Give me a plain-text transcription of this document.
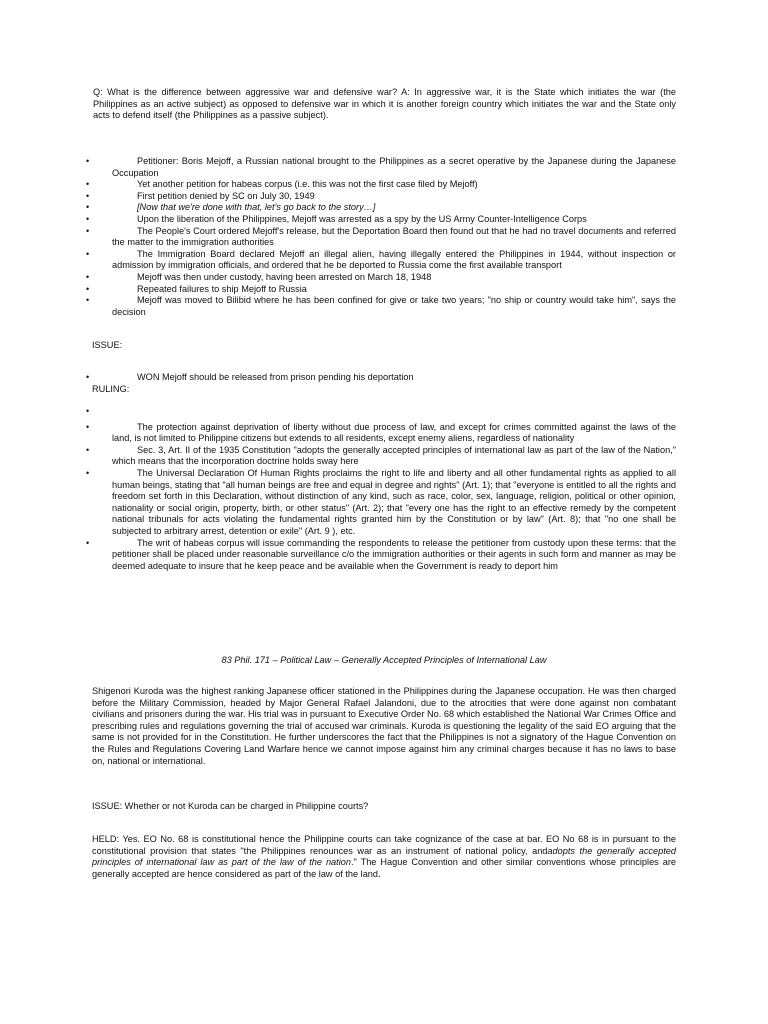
Q: What is the difference between aggressive war and defensive war? A: In aggressive war, it is the State which initiates the war (the Philippines as an active subject) as opposed to defensive war in which it is another foreign country which initiates the war and the State only acts to defend itself (the Philippines as a passive subject).
•	Petitioner: Boris Mejoff, a Russian national brought to the Philippines as a secret operative by the Japanese during the Japanese Occupation
•	Yet another petition for habeas corpus (i.e. this was not the first case filed by Mejoff)
•	First petition denied by SC on July 30, 1949
•	[Now that we're done with that, let's go back to the story…]
•	Upon the liberation of the Philippines, Mejoff was arrested as a spy by the US Army Counter-Intelligence Corps
•	The People's Court ordered Mejoff's release, but the Deportation Board then found out that he had no travel documents and referred the matter to the immigration authorities
•	The Immigration Board declared Mejoff an illegal alien, having illegally entered the Philippines in 1944, without inspection or admission by immigration officials, and ordered that he be deported to Russia come the first available transport
•	Mejoff was then under custody, having been arrested on March 18, 1948
•	Repeated failures to ship Mejoff to Russia
•	Mejoff was moved to Bilibid where he has been confined for give or take two years; "no ship or country would take him", says the decision
ISSUE:
•	WON Mejoff should be released from prison pending his deportation
RULING:
•
•	The protection against deprivation of liberty without due process of law, and except for crimes committed against the laws of the land, is not limited to Philippine citizens but extends to all residents, except enemy aliens, regardless of nationality
•	Sec. 3, Art. II of the 1935 Constitution "adopts the generally accepted principles of international law as part of the law of the Nation," which means that the incorporation doctrine holds sway here
•	The Universal Declaration Of Human Rights proclaims the right to life and liberty and all other fundamental rights as applied to all human beings, stating that "all human beings are free and equal in degree and rights" (Art. 1); that "everyone is entitled to all the rights and freedom set forth in this Declaration, without distinction of any kind, such as race, color, sex, language, religion, political or other opinion, nationality or social origin, property, birth, or other status" (Art. 2); that "every one has the right to an effective remedy by the competent national tribunals for acts violating the fundamental rights granted him by the Constitution or by law" (Art. 8); that "no one shall be subjected to arbitrary arrest, detention or exile" (Art. 9 ), etc.
•	The writ of habeas corpus will issue commanding the respondents to release the petitioner from custody upon these terms: that the petitioner shall be placed under reasonable surveillance c/o the immigration authorities or their agents in such form and manner as may be deemed adequate to insure that he keep peace and be available when the Government is ready to deport him
83 Phil. 171 – Political Law – Generally Accepted Principles of International Law
Shigenori Kuroda was the highest ranking Japanese officer stationed in the Philippines during the Japanese occupation. He was then charged before the Military Commission, headed by Major General Rafael Jalandoni, due to the atrocities that were done against non combatant civilians and prisoners during the war. His trial was in pursuant to Executive Order No. 68 which established the National War Crimes Office and prescribing rules and regulations governing the trial of accused war criminals. Kuroda is questioning the legality of the said EO arguing that the same is not provided for in the Constitution. He further underscores the fact that the Philippines is not a signatory of the Hague Convention on the Rules and Regulations Covering Land Warfare hence we cannot impose against him any criminal charges because it has no laws to base on, national or international.
ISSUE: Whether or not Kuroda can be charged in Philippine courts?
HELD: Yes. EO No. 68 is constitutional hence the Philippine courts can take cognizance of the case at bar. EO No 68 is in pursuant to the constitutional provision that states "the Philippines renounces war as an instrument of national policy, andadopts the generally accepted principles of international law as part of the law of the nation." The Hague Convention and other similar conventions whose principles are generally accepted are hence considered as part of the law of the land.
